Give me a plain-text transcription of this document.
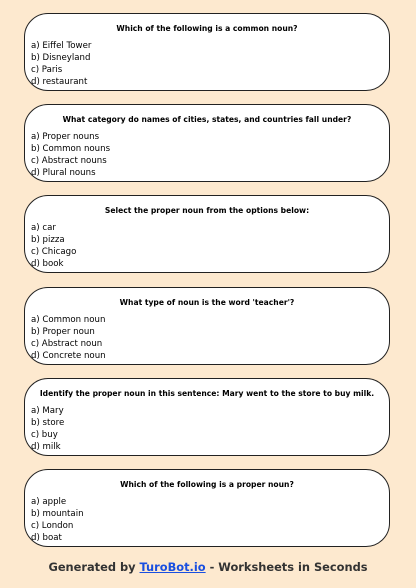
Which of the following is a common noun?
a) Eiffel Tower
b) Disneyland
c) Paris
d) restaurant
What category do names of cities, states, and countries fall under?
a) Proper nouns
b) Common nouns
c) Abstract nouns
d) Plural nouns
Select the proper noun from the options below:
a) car
b) pizza
c) Chicago
d) book
What type of noun is the word 'teacher'?
a) Common noun
b) Proper noun
c) Abstract noun
d) Concrete noun
Identify the proper noun in this sentence: Mary went to the store to buy milk.
a) Mary
b) store
c) buy
d) milk
Which of the following is a proper noun?
a) apple
b) mountain
c) London
d) boat
Generated by TuroBot.io - Worksheets in Seconds
